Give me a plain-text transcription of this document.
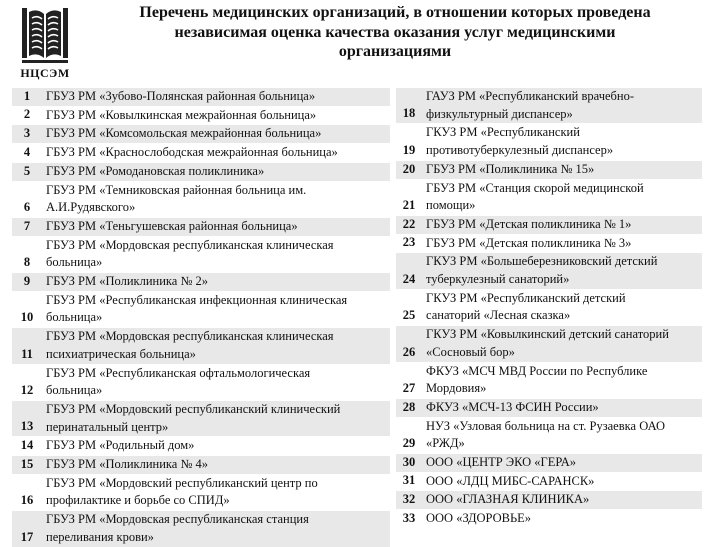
НЦСЭМ
Перечень медицинских организаций, в отношении которых проведена
независимая оценка качества оказания услуг медицинскими
организациями
1	ГБУЗ РМ «Зубово-Полянская районная больница»

2	ГБУЗ РМ «Ковылкинская межрайонная больница»

3	ГБУЗ РМ «Комсомольская межрайонная больница»

4	ГБУЗ РМ «Краснослободская межрайонная больница»

5	ГБУЗ РМ «Ромодановская поликлиника»

6	ГБУЗ РМ «Темниковская районная больница им.
А.И.Рудявского»

7	ГБУЗ РМ «Теньгушевская районная больница»

8	ГБУЗ РМ «Мордовская республиканская клиническая
больница»

9	ГБУЗ РМ «Поликлиника № 2»

10	ГБУЗ РМ «Республиканская инфекционная клиническая
больница»

11	ГБУЗ РМ «Мордовская республиканская клиническая
психиатрическая больница»

12	ГБУЗ РМ «Республиканская офтальмологическая
больница»

13	ГБУЗ РМ «Мордовский республиканский клинический
перинатальный центр»

14	ГБУЗ РМ «Родильный дом»

15	ГБУЗ РМ «Поликлиника № 4»

16	ГБУЗ РМ «Мордовский республиканский центр по
профилактике и борьбе со СПИД»

17	ГБУЗ РМ «Мордовская республиканская станция
переливания крови»
18	ГАУЗ РМ «Республиканский врачебно-
физкультурный диспансер»

19	ГКУЗ РМ «Республиканский
противотуберкулезный диспансер»

20	ГБУЗ РМ «Поликлиника № 15»

21	ГБУЗ РМ «Станция скорой медицинской
помощи»

22	ГБУЗ РМ «Детская поликлиника № 1»

23	ГБУЗ РМ «Детская поликлиника № 3»

24	ГКУЗ РМ «Большеберезниковский детский
туберкулезный санаторий»

25	ГКУЗ РМ «Республиканский детский
санаторий «Лесная сказка»

26	ГКУЗ РМ «Ковылкинский детский санаторий
«Сосновый бор»

27	ФКУЗ «МСЧ МВД России по Республике
Мордовия»

28	ФКУЗ «МСЧ-13 ФСИН России»

29	НУЗ «Узловая больница на ст. Рузаевка ОАО
«РЖД»

30	ООО «ЦЕНТР ЭКО «ГЕРА»

31	ООО «ЛДЦ МИБС-САРАНСК»

32	ООО «ГЛАЗНАЯ КЛИНИКА»

33	ООО «ЗДОРОВЬЕ»
